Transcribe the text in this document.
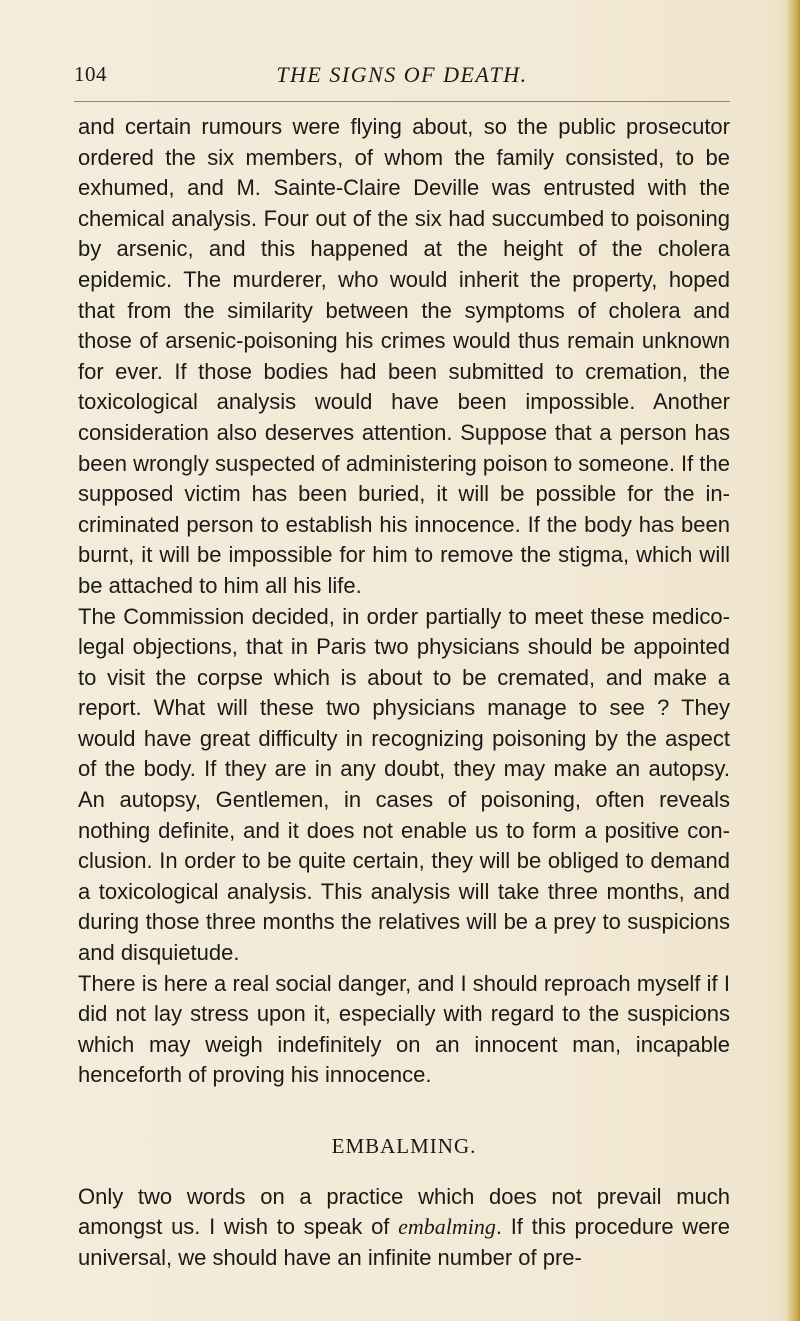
THE SIGNS OF DEATH.
104

and certain rumours were flying about, so the public prosecutor ordered the six members, of whom the family consisted, to be exhumed, and M. Sainte-Claire Deville was entrusted with the chemical analysis. Four out of the six had succumbed to poisoning by arsenic, and this happened at the height of the cholera epidemic. The murderer, who would inherit the property, hoped that from the similarity between the symptoms of cholera and those of arsenic-poisoning his crimes would thus remain unknown for ever. If those bodies had been submitted to cremation, the toxicological analysis would have been impossible. Another consideration also deserves attention. Suppose that a person has been wrongly suspected of administering poison to someone. If the supposed victim has been buried, it will be possible for the incriminated person to establish his innocence. If the body has been burnt, it will be impossible for him to remove the stigma, which will be attached to him all his life.

The Commission decided, in order partially to meet these medico-legal objections, that in Paris two physicians should be appointed to visit the corpse which is about to be cremated, and make a report. What will these two physicians manage to see ? They would have great difficulty in recognizing poisoning by the aspect of the body. If they are in any doubt, they may make an autopsy. An autopsy, Gentlemen, in cases of poisoning, often reveals nothing definite, and it does not enable us to form a positive conclusion. In order to be quite certain, they will be obliged to demand a toxicological analysis. This analysis will take three months, and during those three months the relatives will be a prey to suspicions and disquietude.

There is here a real social danger, and I should reproach myself if I did not lay stress upon it, especially with regard to the suspicions which may weigh indefinitely on an innocent man, incapable henceforth of proving his innocence.

EMBALMING.

Only two words on a practice which does not prevail much amongst us. I wish to speak of embalming. If this procedure were universal, we should have an infinite number of pre-
